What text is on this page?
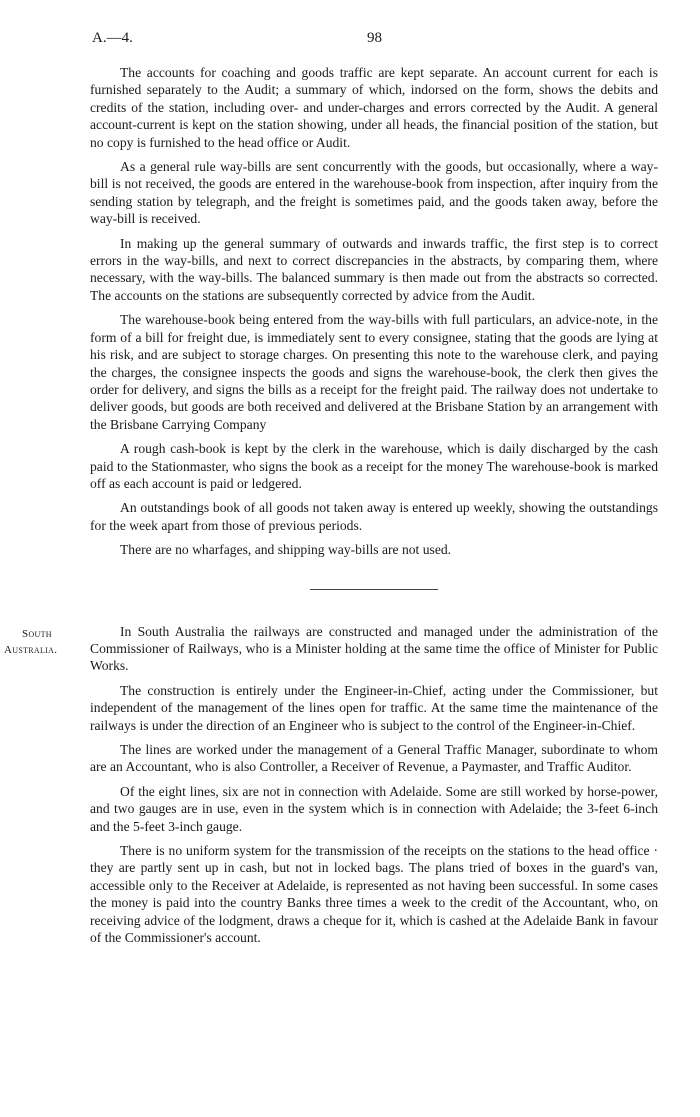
A.—4.	98

The accounts for coaching and goods traffic are kept separate. An account current for each is furnished separately to the Audit; a summary of which, indorsed on the form, shows the debits and credits of the station, including over- and under-charges and errors corrected by the Audit. A general account-current is kept on the station showing, under all heads, the financial position of the station, but no copy is furnished to the head office or Audit.

As a general rule way-bills are sent concurrently with the goods, but occasionally, where a way-bill is not received, the goods are entered in the warehouse-book from inspection, after inquiry from the sending station by telegraph, and the freight is sometimes paid, and the goods taken away, before the way-bill is received.

In making up the general summary of outwards and inwards traffic, the first step is to correct errors in the way-bills, and next to correct discrepancies in the abstracts, by comparing them, where necessary, with the way-bills. The balanced summary is then made out from the abstracts so corrected. The accounts on the stations are subsequently corrected by advice from the Audit.

The warehouse-book being entered from the way-bills with full particulars, an advice-note, in the form of a bill for freight due, is immediately sent to every consignee, stating that the goods are lying at his risk, and are subject to storage charges. On presenting this note to the warehouse clerk, and paying the charges, the consignee inspects the goods and signs the warehouse-book, the clerk then gives the order for delivery, and signs the bills as a receipt for the freight paid. The railway does not undertake to deliver goods, but goods are both received and delivered at the Brisbane Station by an arrangement with the Brisbane Carrying Company

A rough cash-book is kept by the clerk in the warehouse, which is daily discharged by the cash paid to the Stationmaster, who signs the book as a receipt for the money The warehouse-book is marked off as each account is paid or ledgered.

An outstandings book of all goods not taken away is entered up weekly, showing the outstandings for the week apart from those of previous periods.

There are no wharfages, and shipping way-bills are not used.

South
Australia.

In South Australia the railways are constructed and managed under the administration of the Commissioner of Railways, who is a Minister holding at the same time the office of Minister for Public Works.

The construction is entirely under the Engineer-in-Chief, acting under the Commissioner, but independent of the management of the lines open for traffic. At the same time the maintenance of the railways is under the direction of an Engineer who is subject to the control of the Engineer-in-Chief.

The lines are worked under the management of a General Traffic Manager, subordinate to whom are an Accountant, who is also Controller, a Receiver of Revenue, a Paymaster, and Traffic Auditor.

Of the eight lines, six are not in connection with Adelaide. Some are still worked by horse-power, and two gauges are in use, even in the system which is in connection with Adelaide; the 3-feet 6-inch and the 5-feet 3-inch gauge.

There is no uniform system for the transmission of the receipts on the stations to the head office · they are partly sent up in cash, but not in locked bags. The plans tried of boxes in the guard's van, accessible only to the Receiver at Adelaide, is represented as not having been successful. In some cases the money is paid into the country Banks three times a week to the credit of the Accountant, who, on receiving advice of the lodgment, draws a cheque for it, which is cashed at the Adelaide Bank in favour of the Commissioner's account.
